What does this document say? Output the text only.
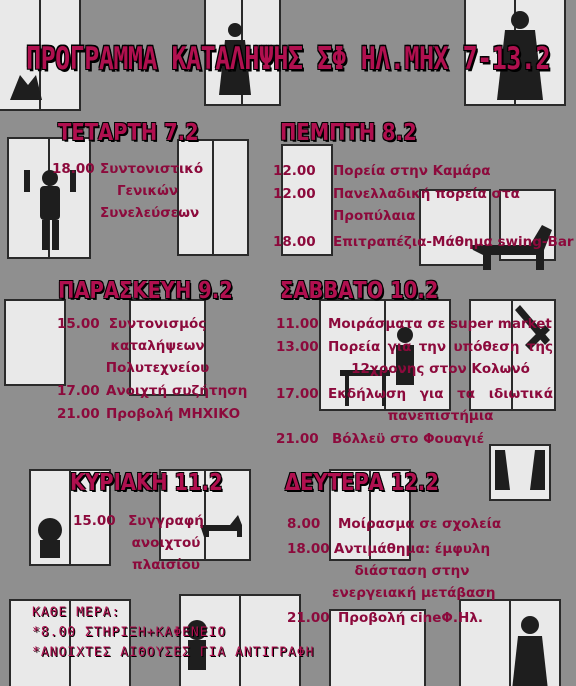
ΠΡΟΓΡΑΜΜΑ ΚΑΤΑΛΗΨΗΣ ΣΦ ΗΛ.ΜΗΧ 7-13.2
ΤΕΤΑΡΤΗ 7.2
18.00 Συντονιστικό
Γενικών
Συνελεύσεων
ΠΕΜΠΤΗ 8.2
12.00 Πορεία στην Καμάρα
12.00 Πανελλαδική πορεία στα
Προπύλαια
18.00 Επιτραπέζια-Μάθημα swing-Bar
ΠΑΡΑΣΚΕΥΗ 9.2
15.00 Συντονισμός
καταλήψεων
Πολυτεχνείου
17.00 Ανοιχτή συζήτηση
21.00 Προβολή ΜΗΧΙΚΟ
ΣΑΒΒΑΤΟ 10.2
11.00 Μοιράσματα σε super market
13.00 Πορεία για την υπόθεση της
12χρονης στον Κολωνό
17.00 Εκδήλωση για τα ιδιωτικά
πανεπιστήμια
21.00 Βόλλεϋ στο Φουαγιέ
ΚΥΡΙΑΚΗ 11.2
15.00 Συγγραφή
ανοιχτού
πλαισίου
ΔΕΥΤΕΡΑ 12.2
8.00 Μοίρασμα σε σχολεία
18.00 Αντιμάθημα: έμφυλη
διάσταση στην
ενεργειακή μετάβαση
21.00 Προβολή cineΦ.Ηλ.
ΚΑΘΕ ΜΕΡΑ:
*8.00 ΣΤΗΡΙΞΗ+ΚΑΦΕΝΕΙΟ
*ΑΝΟΙΧΤΕΣ ΑΙΘΟΥΣΕΣ ΓΙΑ ΑΝΤΙΓΡΑΦΗ
